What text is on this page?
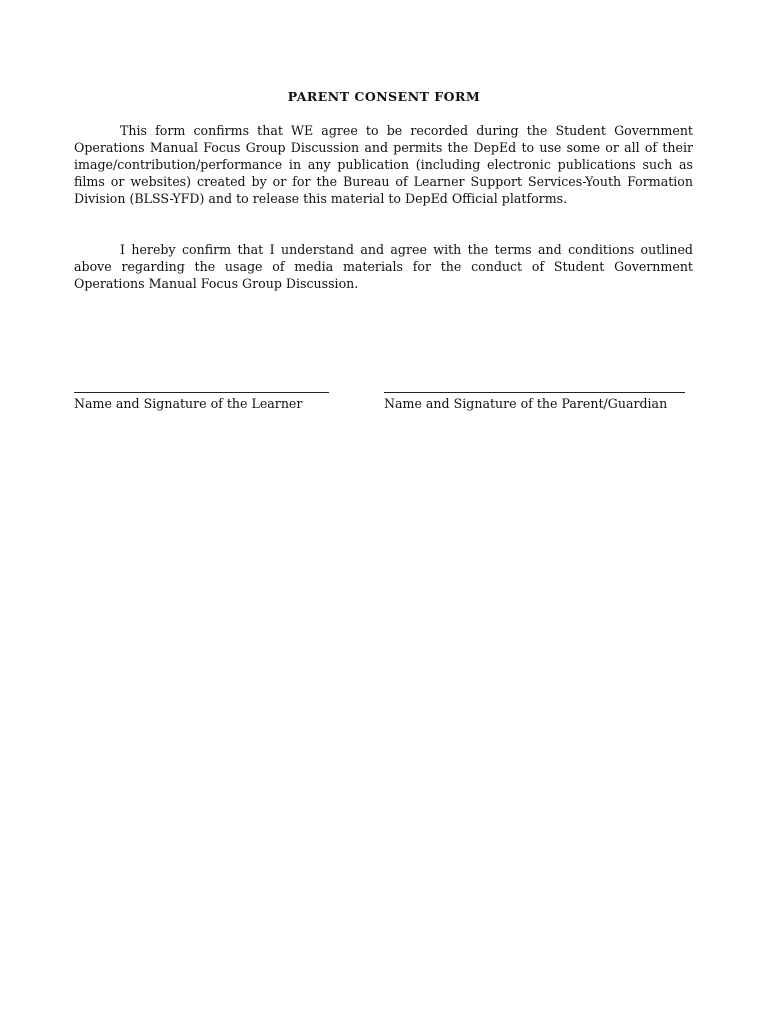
PARENT CONSENT FORM

This form confirms that WE agree to be recorded during the Student Government Operations Manual Focus Group Discussion and permits the DepEd to use some or all of their image/contribution/performance in any publication (including electronic publications such as films or websites) created by or for the Bureau of Learner Support Services-Youth Formation Division (BLSS-YFD) and to release this material to DepEd Official platforms.

I hereby confirm that I understand and agree with the terms and conditions outlined above regarding the usage of media materials for the conduct of Student Government Operations Manual Focus Group Discussion.

Name and Signature of the Learner	Name and Signature of the Parent/Guardian
